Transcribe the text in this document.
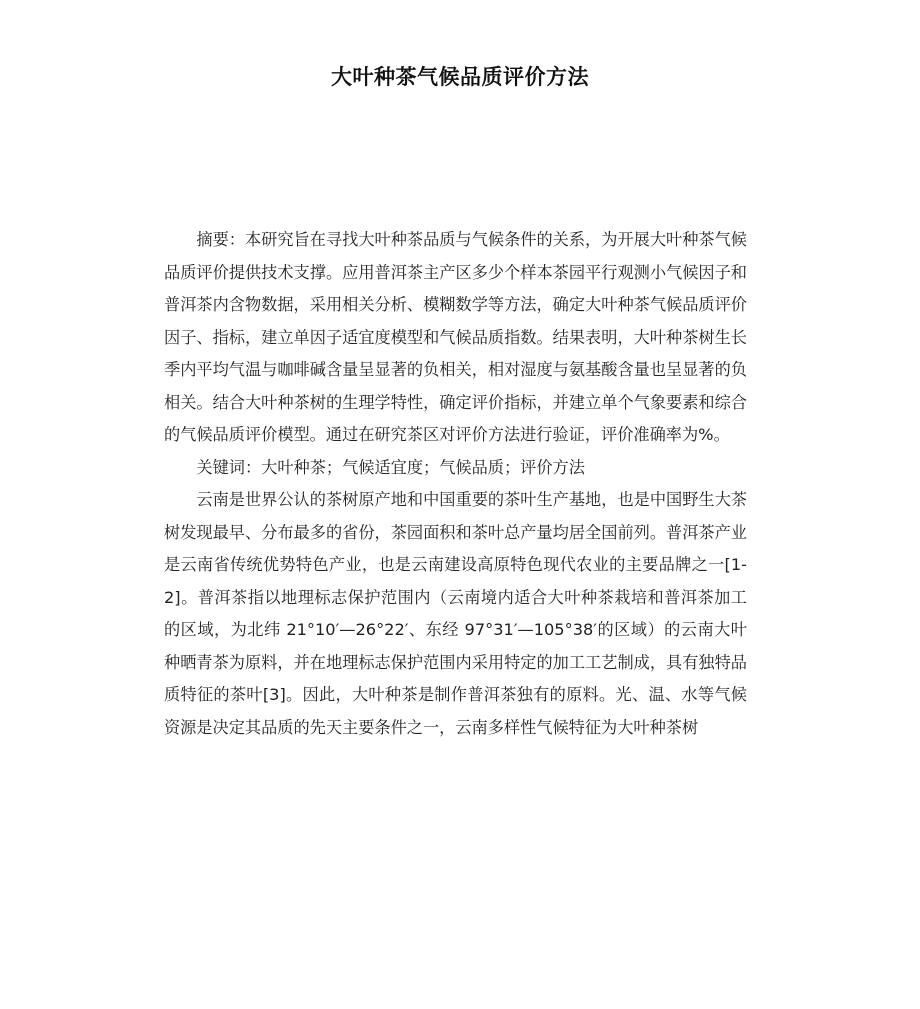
大叶种茶气候品质评价方法

摘要：本研究旨在寻找大叶种茶品质与气候条件的关系，为开展大叶种茶气候品质评价提供技术支撑。应用普洱茶主产区多少个样本茶园平行观测小气候因子和普洱茶内含物数据，采用相关分析、模糊数学等方法，确定大叶种茶气候品质评价因子、指标，建立单因子适宜度模型和气候品质指数。结果表明，大叶种茶树生长季内平均气温与咖啡碱含量呈显著的负相关，相对湿度与氨基酸含量也呈显著的负相关。结合大叶种茶树的生理学特性，确定评价指标，并建立单个气象要素和综合的气候品质评价模型。通过在研究茶区对评价方法进行验证，评价准确率为%。

关键词：大叶种茶；气候适宜度；气候品质；评价方法

云南是世界公认的茶树原产地和中国重要的茶叶生产基地，也是中国野生大茶树发现最早、分布最多的省份，茶园面积和茶叶总产量均居全国前列。普洱茶产业是云南省传统优势特色产业，也是云南建设高原特色现代农业的主要品牌之一[1-2]。普洱茶指以地理标志保护范围内（云南境内适合大叶种茶栽培和普洱茶加工的区域，为北纬 21°10′—26°22′、东经 97°31′—105°38′的区域）的云南大叶种晒青茶为原料，并在地理标志保护范围内采用特定的加工工艺制成，具有独特品质特征的茶叶[3]。因此，大叶种茶是制作普洱茶独有的原料。光、温、水等气候资源是决定其品质的先天主要条件之一，云南多样性气候特征为大叶种茶树
